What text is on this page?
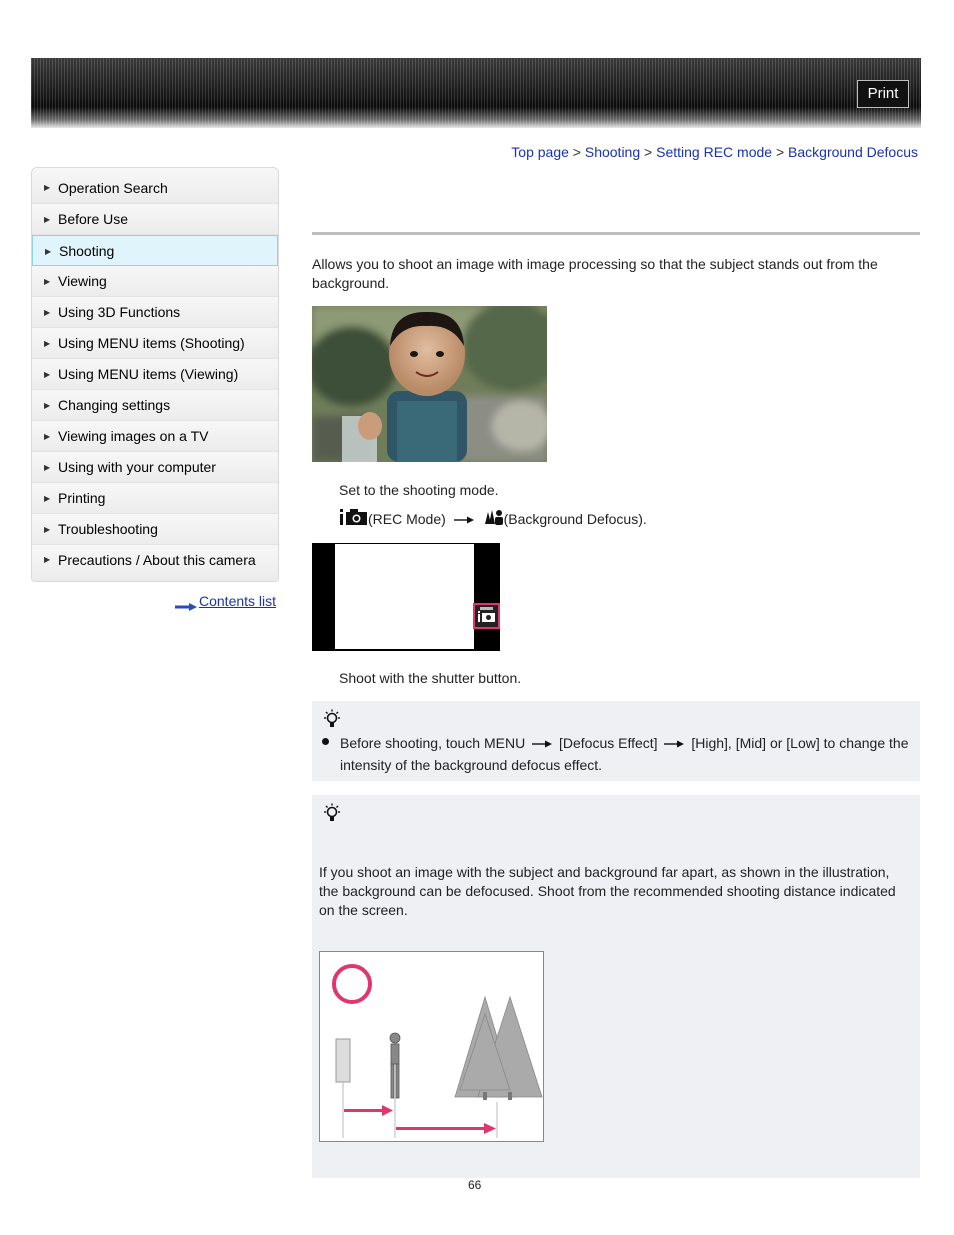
Print
Top page > Shooting > Setting REC mode > Background Defocus
▶ Operation Search
▶ Before Use
▶ Shooting
▶ Viewing
▶ Using 3D Functions
▶ Using MENU items (Shooting)
▶ Using MENU items (Viewing)
▶ Changing settings
▶ Viewing images on a TV
▶ Using with your computer
▶ Printing
▶ Troubleshooting
▶ Precautions / About this camera
Contents list
Allows you to shoot an image with image processing so that the subject stands out from the background.
Set to the shooting mode.
(REC Mode)	(Background Defocus).
Shoot with the shutter button.
Before shooting, touch MENU [Defocus Effect] [High], [Mid] or [Low] to change the intensity of the background defocus effect.
If you shoot an image with the subject and background far apart, as shown in the illustration, the background can be defocused. Shoot from the recommended shooting distance indicated on the screen.
66
